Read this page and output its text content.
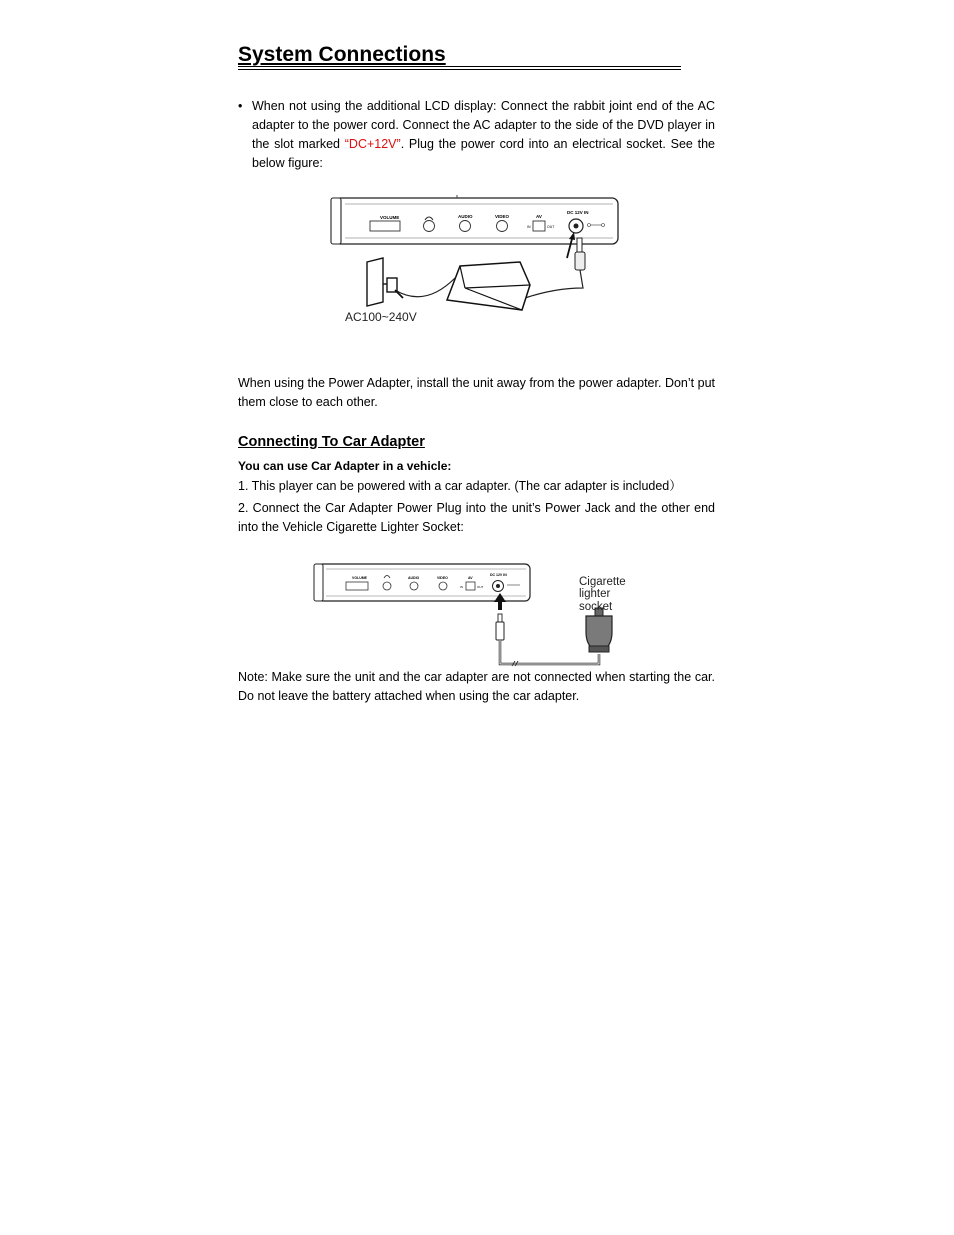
System Connections
• When not using the additional LCD display: Connect the rabbit joint end of the AC adapter to the power cord. Connect the AC adapter to the side of the DVD player in the slot marked “DC+12V”. Plug the power cord into an electrical socket. See the below figure:

VOLUME	AUDIO	VIDEO	AV
IN	OUT
DC 12V IN
AC100~240V

When using the Power Adapter, install the unit away from the power adapter. Don’t put them close to each other.

Connecting To Car Adapter

You can use Car Adapter in a vehicle:

1. This player can be powered with a car adapter. (The car adapter is included）

2. Connect the Car Adapter Power Plug into the unit’s Power Jack and the other end into the Vehicle Cigarette Lighter Socket:

VOLUME	AUDIO	VIDEO	AV
IN	OUT
DC 12V IN
Cigarette
lighter
socket

Note: Make sure the unit and the car adapter are not connected when starting the car. Do not leave the battery attached when using the car adapter.
